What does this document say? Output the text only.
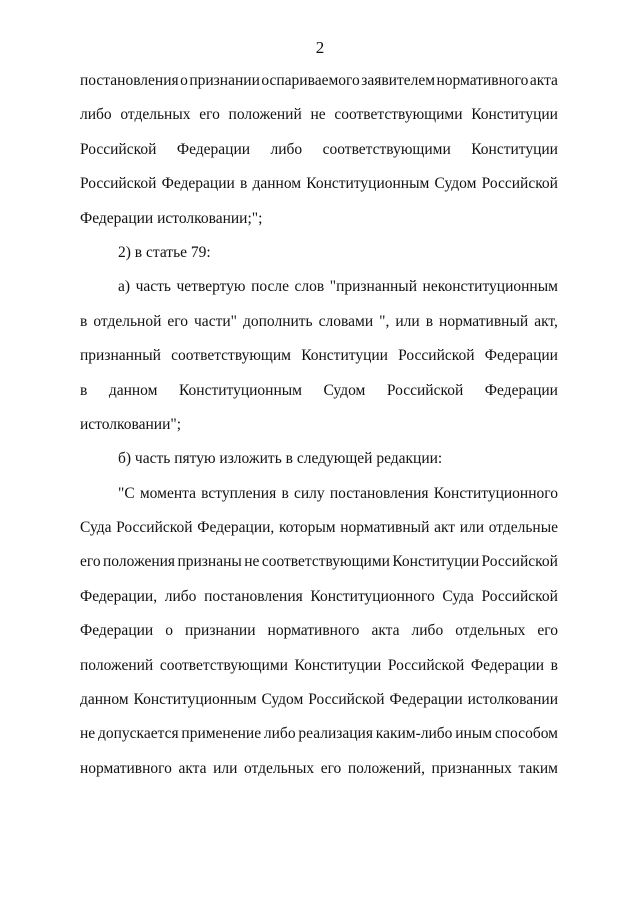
2
постановления о признании оспариваемого заявителем нормативного акта
либо отдельных его положений не соответствующими Конституции
Российской Федерации либо соответствующими Конституции
Российской Федерации в данном Конституционным Судом Российской
Федерации истолковании;";
2) в статье 79:
а) часть четвертую после слов "признанный неконституционным
в отдельной его части" дополнить словами ", или в нормативный акт,
признанный соответствующим Конституции Российской Федерации
в данном Конституционным Судом Российской Федерации
истолковании";
б) часть пятую изложить в следующей редакции:
"С момента вступления в силу постановления Конституционного
Суда Российской Федерации, которым нормативный акт или отдельные
его положения признаны не соответствующими Конституции Российской
Федерации, либо постановления Конституционного Суда Российской
Федерации о признании нормативного акта либо отдельных его
положений соответствующими Конституции Российской Федерации в
данном Конституционным Судом Российской Федерации истолковании
не допускается применение либо реализация каким-либо иным способом
нормативного акта или отдельных его положений, признанных таким
